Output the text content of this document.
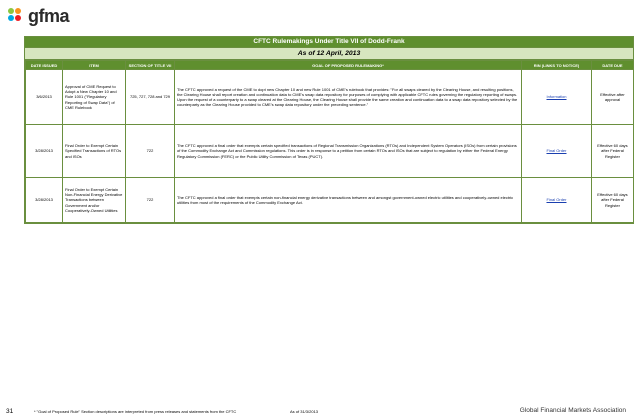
gfma
CFTC Rulemakings Under Title VII of Dodd-Frank
As of 12 April, 2013
DATE ISSUED	ITEM	SECTION OF TITLE VII	GOAL OF PROPOSED RULEMAKING*	RIN (LINKS TO NOTICE)	DATE DUE
3/6/2013	Approval of CME Request to Adopt a New Chapter 10 and Rule 1001 ("Regulatory Reporting of Swap Data") of CME Rulebook	725, 727, 728 and 729	The CFTC approved a request of the CME to dopt new Chapter 10 and new Rule 1001 of CME's rulebook that provides: "For all swaps cleared by the Clearing House, and resulting positions, the Clearing House shall report creation and continuation data to CME's swap data repository for purposes of complying with applicable CFTC rules governing the regulatory reporting of swaps. Upon the request of a counterparty to a swap cleared at the Clearing House, the Clearing House shall provide the same creation and continuation data to a swap data repository selected by the counterparty as the Clearing House provided to CME's swap data repository under the preceding sentence."	Information	Effective after approval
3/28/2013	Final Order to Exempt Certain Specified Transactions of RTOs and ISOs	722	The CFTC approved a final order that exempts certain specified transactions of Regional Transmission Organizations (RTOs) and Independent System Operators (ISOs) from certain provisions of the Commodity Exchange Act and Commission regulations. This order is in response to a petition from certain RTOs and ISOs that are subject to regulation by either the Federal Energy Regulatory Commission (FERC) or the Public Utility Commission of Texas (PUCT).	Final Order	Effective 60 days after Federal Register
3/28/2013	Final Order to Exempt Certain Non-Financial Energy Derivative Transactions between Government and/or Cooperatively-Owned Utilities	722	The CFTC approved a final order that exempts certain non-financial energy derivative transactions between and amongst government-owned electric utilities and cooperatively-owned electric utilities from most of the requirements of the Commodity Exchange Act.	Final Order	Effective 60 days after Federal Register
31	* "Goal of Proposed Rule" Section descriptions are interpreted from press releases and statements from the CFTC	As of 31/3/2013	Global Financial Markets Association
